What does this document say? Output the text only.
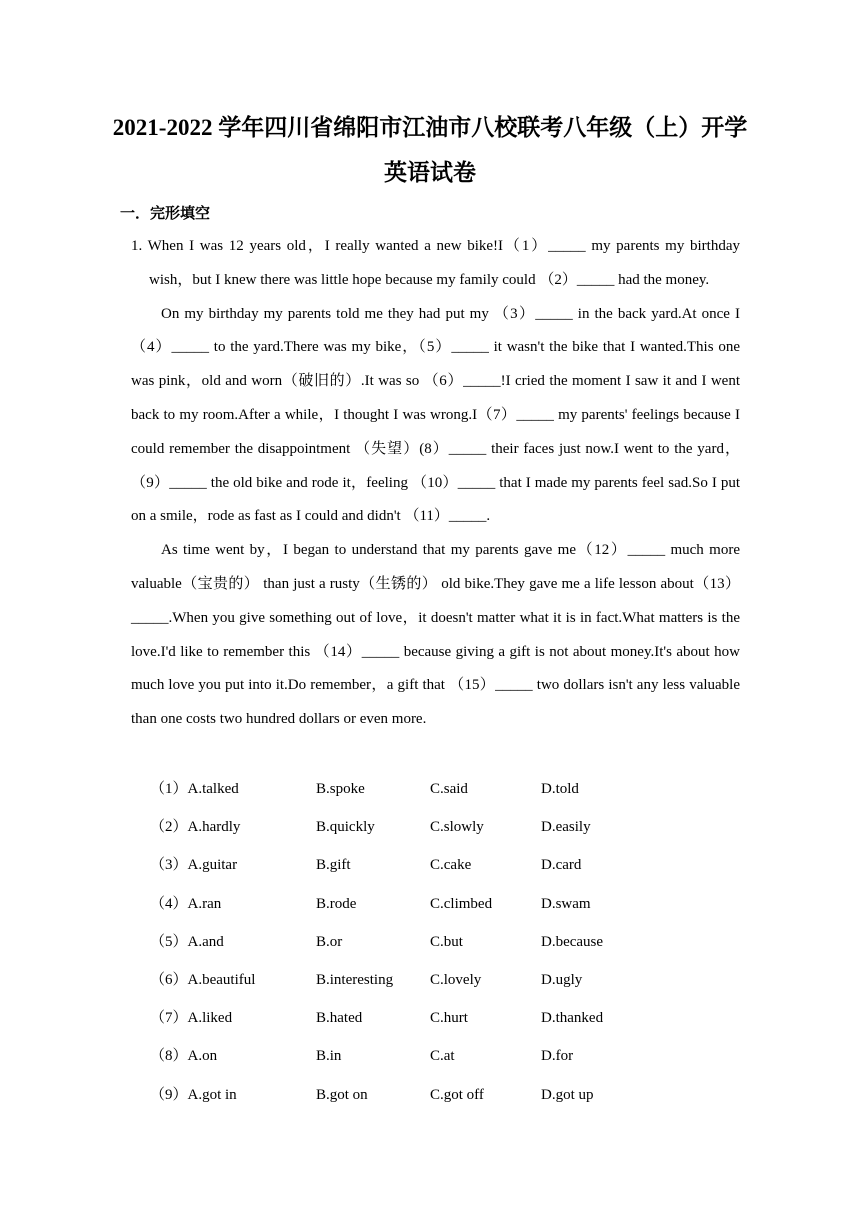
2021-2022 学年四川省绵阳市江油市八校联考八年级（上）开学
英语试卷
一．完形填空

1. When I was 12 years old，I really wanted a new bike!I（1）_____ my parents my birthday wish，but I knew there was little hope because my family could （2）_____ had the money.

On my birthday my parents told me they had put my （3）_____ in the back yard.At once I（4）_____ to the yard.There was my bike，（5）_____ it wasn't the bike that I wanted.This one was pink，old and worn（破旧的）.It was so （6）_____!I cried the moment I saw it and I went back to my room.After a while，I thought I was wrong.I（7）_____ my parents' feelings because I could remember the disappointment （失望）(8）_____ their faces just now.I went to the yard，（9）_____ the old bike and rode it，feeling （10）_____ that I made my parents feel sad.So I put on a smile，rode as fast as I could and didn't （11）_____.

As time went by，I began to understand that my parents gave me（12）_____ much more valuable（宝贵的） than just a rusty（生锈的） old bike.They gave me a life lesson about（13）_____.When you give something out of love，it doesn't matter what it is in fact.What matters is the love.I'd like to remember this （14）_____ because giving a gift is not about money.It's about how much love you put into it.Do remember，a gift that （15）_____ two dollars isn't any less valuable than one costs two hundred dollars or even more.

（1）A.talked	B.spoke	C.said	D.told
（2）A.hardly	B.quickly	C.slowly	D.easily
（3）A.guitar	B.gift	C.cake	D.card
（4）A.ran	B.rode	C.climbed	D.swam
（5）A.and	B.or	C.but	D.because
（6）A.beautiful	B.interesting C.lovely	D.ugly
（7）A.liked	B.hated	C.hurt	D.thanked
（8）A.on	B.in	C.at	D.for
（9）A.got in	B.got on	C.got off	D.got up
